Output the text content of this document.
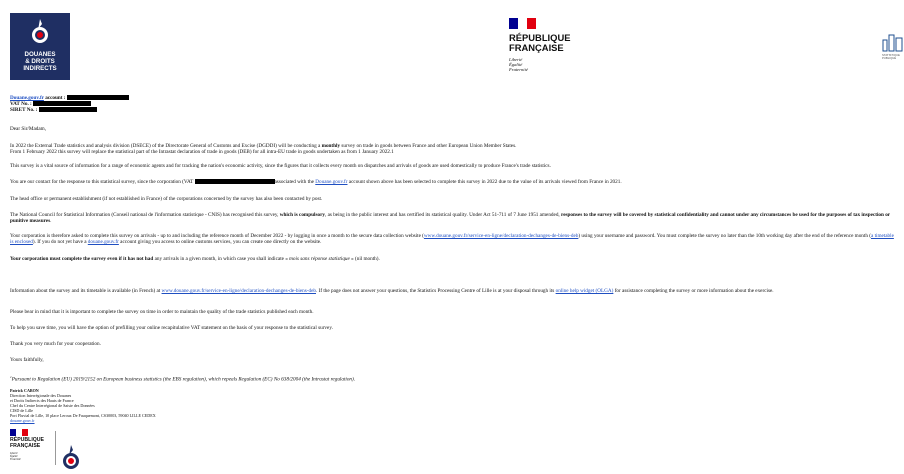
DOUANES
& DROITS
INDIRECTS
RÉPUBLIQUE
FRANÇAISE
Liberté
Égalité
Fraternité
STATISTIQUE
PUBLIQUE
Douane.gouv.fr account :
VAT No. :
SIRET No. :
Dear Sir/Madam,
In 2022 the External Trade statistics and analysis division (DSECE) of the Directorate General of Customs and Excise (DGDDI) will be conducting a monthly survey on trade in goods between France and other European Union Member States.
From 1 February 2022 this survey will replace the statistical part of the Intrastat declaration of trade in goods (DEB) for all intra-EU trade in goods undertaken as from 1 January 2022.1
This survey is a vital source of information for a range of economic agents and for tracking the nation's economic activity, since the figures that it collects every month on dispatches and arrivals of goods are used domestically to produce France's trade statistics.
You are our contact for the response to this statistical survey, since the corporation (VAT	associated with the Douane.gouv.fr account shown above has been selected to complete this survey in 2022 due to the value of its arrivals viewed from France in 2021.
The head office or permanent establishment (if not established in France) of the corporations concerned by the survey has also been contacted by post.
The National Council for Statistical Information (Conseil national de l'information statistique - CNIS) has recognised this survey, which is compulsory, as being in the public interest and has certified its statistical quality. Under Act 51-711 of 7 June 1951 amended, responses to the survey will be covered by statistical confidentiality and cannot under any circumstances be used for the purposes of tax inspection or punitive measures.
Your corporation is therefore asked to complete this survey on arrivals - up to and including the reference month of December 2022 - by logging in once a month to the secure data collection website (www.douane.gouv.fr/service-en-ligne/declaration-dechanges-de-biens-deb) using your username and password. You must complete the survey no later than the 10th working day after the end of the reference month (a timetable is enclosed). If you do not yet have a douane.gouv.fr account giving you access to online customs services, you can create one directly on the website.
Your corporation must complete the survey even if it has not had any arrivals in a given month, in which case you shall indicate « mois sans réponse statistique » (nil month).
Information about the survey and its timetable is available (in French) at www.douane.gouv.fr/service-en-ligne/declaration-dechanges-de-biens-deb. If the page does not answer your questions, the Statistics Processing Centre of Lille is at your disposal through its online help widget (OLGA) for assistance completing the survey or more information about the exercise.
Please bear in mind that it is important to complete the survey on time in order to maintain the quality of the trade statistics published each month.
To help you save time, you will have the option of prefilling your online recapitulative VAT statement on the basis of your response to the statistical survey.
Thank you very much for your cooperation.
Yours faithfully,
$^1$Pursuant to Regulation (EU) 2019/2152 on European business statistics (the EBS regulation), which repeals Regulation (EC) No 638/2004 (the Intrastat regulation).
Patrick CABON
Direction Interrégionale des Douanes
et Droits Indirects des Hauts de France
Chef du Centre Interrégional de Saisie des Données
CISD de Lille
Port Fluvial de Lille, 10 place Leroux De Fauquemont, CS30003, 59040 LILLE CEDEX
douane.gouv.fr
RÉPUBLIQUE
FRANÇAISE
Liberté
Égalité
Fraternité
